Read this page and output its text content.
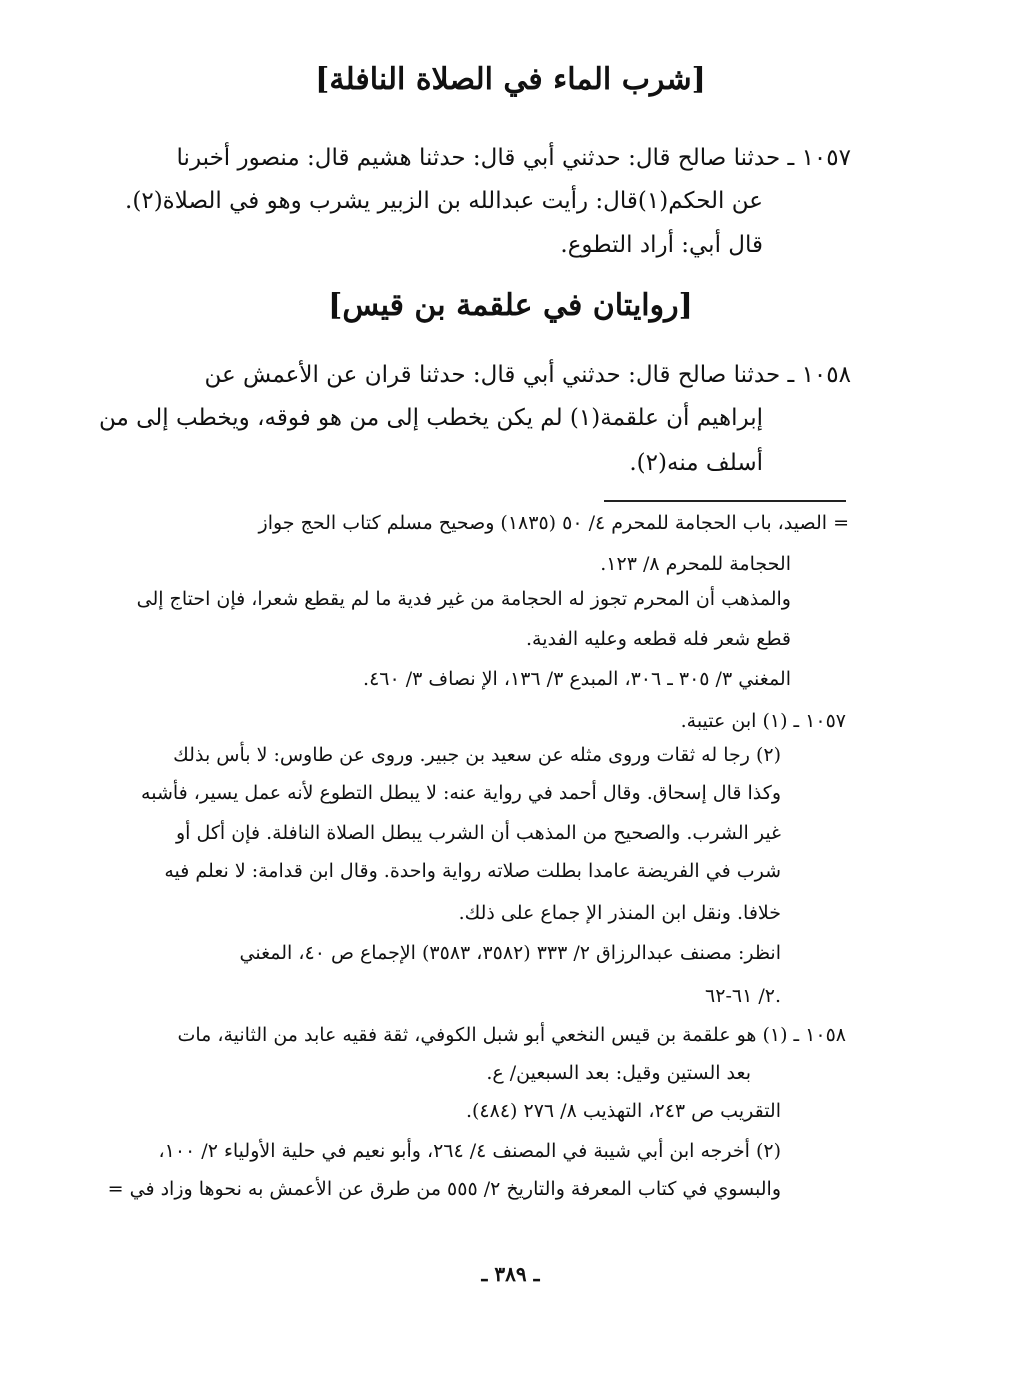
[شرب الماء في الصلاة النافلة]
١٠٥٧ ـ حدثنا صالح قال: حدثني أبي قال: حدثنا هشيم قال: منصور أخبرنا
عن الحكم(١)قال: رأيت عبدالله بن الزبير يشرب وهو في الصلاة(٢).
قال أبي: أراد التطوع.
[روايتان في علقمة بن قيس]
١٠٥٨ ـ حدثنا صالح قال: حدثني أبي قال: حدثنا قران عن الأعمش عن
إبراهيم أن علقمة(١) لم يكن يخطب إلى من هو فوقه، ويخطب إلى من
أسلف منه(٢).
= الصيد، باب الحجامة للمحرم ٤/ ٥٠ (١٨٣٥) وصحيح مسلم كتاب الحج جواز
الحجامة للمحرم ٨/ ١٢٣.
والمذهب أن المحرم تجوز له الحجامة من غير فدية ما لم يقطع شعرا، فإن احتاج إلى
قطع شعر فله قطعه وعليه الفدية.
المغني ٣/ ٣٠٥ ـ ٣٠٦، المبدع ٣/ ١٣٦، الإ نصاف ٣/ ٤٦٠.
١٠٥٧ ـ (١) ابن عتيبة.
(٢) رجا له ثقات وروى مثله عن سعيد بن جبير. وروى عن طاوس: لا بأس بذلك
وكذا قال إسحاق. وقال أحمد في رواية عنه: لا يبطل التطوع لأنه عمل يسير، فأشبه
غير الشرب. والصحيح من المذهب أن الشرب يبطل الصلاة النافلة. فإن أكل أو
شرب في الفريضة عامدا بطلت صلاته رواية واحدة. وقال ابن قدامة: لا نعلم فيه
خلافا. ونقل ابن المنذر الإ جماع على ذلك.
انظر: مصنف عبدالرزاق ٢/ ٣٣٣ (٣٥٨٢، ٣٥٨٣) الإجماع ص ٤٠، المغني
٢/ ٦١-٦٢.
١٠٥٨ ـ (١) هو علقمة بن قيس النخعي أبو شبل الكوفي، ثقة فقيه عابد من الثانية، مات
بعد الستين وقيل: بعد السبعين/ ع.
التقريب ص ٢٤٣، التهذيب ٨/ ٢٧٦ (٤٨٤).
(٢) أخرجه ابن أبي شيبة في المصنف ٤/ ٢٦٤، وأبو نعيم في حلية الأولياء ٢/ ١٠٠،
والبسوي في كتاب المعرفة والتاريخ ٢/ ٥٥٥ من طرق عن الأعمش به نحوها وزاد في =
ـ ٣٨٩ ـ
